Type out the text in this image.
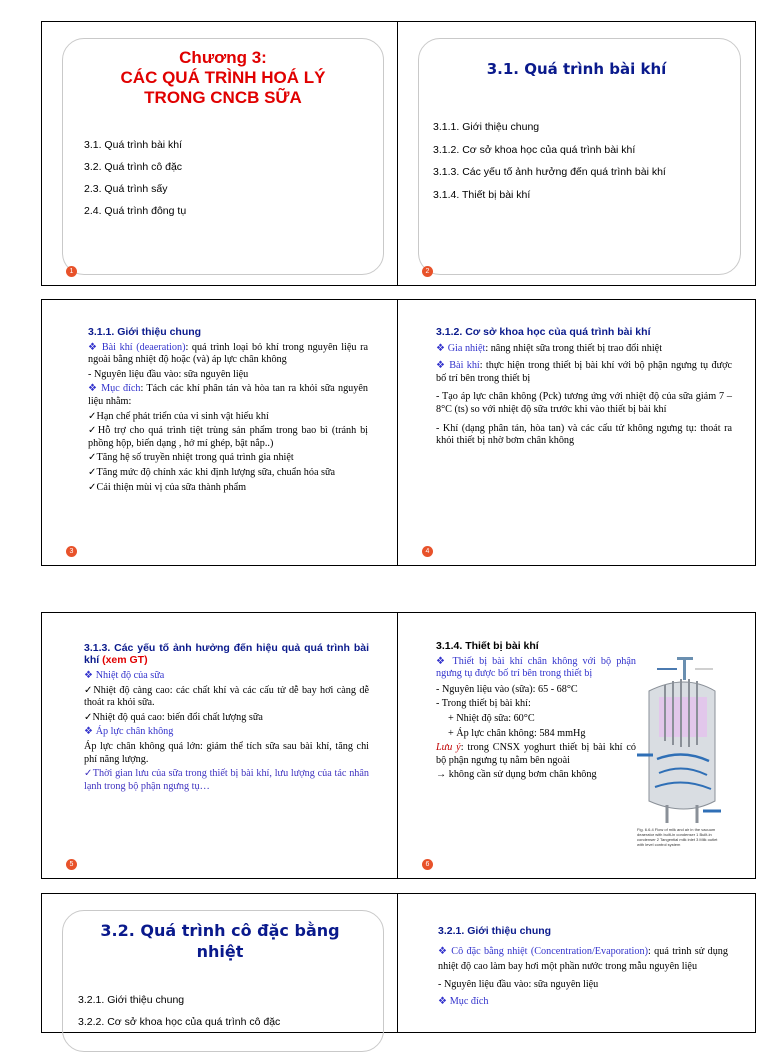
Chương 3:
CÁC QUÁ TRÌNH HOÁ LÝ
TRONG CNCB SỮA
3.1. Quá trình bài khí
3.2. Quá trình cô đặc
2.3. Quá trình sấy
2.4. Quá trình đông tụ
1
3.1. Quá trình bài khí
3.1.1. Giới thiệu chung
3.1.2. Cơ sở khoa học của quá trình bài khí
3.1.3. Các yếu tố ảnh hưởng đến quá trình bài khí
3.1.4. Thiết bị bài khí
2
3.1.1. Giới thiệu chung
❖ Bài khí (deaeration): quá trình loại bỏ khí trong nguyên liệu ra ngoài bằng nhiệt độ hoặc (và) áp lực chân không
- Nguyên liệu đầu vào: sữa nguyên liệu
❖ Mục đích: Tách các khí phân tán và hòa tan ra khỏi sữa nguyên liệu nhằm:
✓Hạn chế phát triển của vi sinh vật hiếu khí
✓Hỗ trợ cho quá trình tiệt trùng sản phẩm trong bao bì (tránh bị phồng hộp, biến dạng , hở mí ghép, bật nắp..)
✓Tăng hệ số truyền nhiệt trong quá trình gia nhiệt
✓Tăng mức độ chính xác khi định lượng sữa, chuẩn hóa sữa
✓Cải thiện mùi vị của sữa thành phẩm
3
3.1.2. Cơ sở khoa học của quá trình bài khí
❖ Gia nhiệt: nâng nhiệt sữa trong thiết bị trao đổi nhiệt
❖ Bài khí: thực hiện trong thiết bị bài khí với bộ phận ngưng tụ được bố trí bên trong thiết bị
- Tạo áp lực chân không (Pck) tương ứng với nhiệt độ của sữa giảm 7 – 8°C (ts) so với nhiệt độ sữa trước khi vào thiết bị bài khí
- Khí (dạng phân tán, hòa tan) và các cấu tử không ngưng tụ: thoát ra khỏi thiết bị nhờ bơm chân không
4
3.1.3. Các yếu tố ảnh hưởng đến hiệu quả quá trình bài khí (xem GT)
❖ Nhiệt độ của sữa
✓Nhiệt độ càng cao: các chất khí và các cấu tử dễ bay hơi càng dễ thoát ra khỏi sữa.
✓Nhiệt độ quá cao: biến đổi chất lượng sữa
❖ Áp lực chân không
Áp lực chân không quá lớn: giảm thể tích sữa sau bài khí, tăng chi phí năng lượng.
✓Thời gian lưu của sữa trong thiết bị bài khí, lưu lượng của tác nhân lạnh trong bộ phận ngưng tụ…
5
3.1.4. Thiết bị bài khí
❖ Thiết bị bài khí chân không với bộ phận ngưng tụ được bố trí bên trong thiết bị
- Nguyên liệu vào (sữa): 65 - 68°C
- Trong thiết bị bài khí:
+ Nhiệt độ sữa: 60°C
+ Áp lực chân không: 584 mmHg
Lưu ý: trong CNSX yoghurt thiết bị bài khí có bộ phận ngưng tụ nằm bên ngoài
→ không cần sử dụng bơm chân không
Fig. 6.6.4 Flow of milk and air in the vacuum deaerator with built-in condenser 1 Built-in condenser 2 Tangential milk inlet 3 Milk outlet with level control system
6
3.2. Quá trình cô đặc bằng
nhiệt
3.2.1. Giới thiệu chung
3.2.2. Cơ sở khoa học của quá trình cô đặc
3.2.1. Giới thiệu chung
❖ Cô đặc bằng nhiệt (Concentration/Evaporation): quá trình sử dụng nhiệt độ cao làm bay hơi một phần nước trong mẫu nguyên liệu
- Nguyên liệu đầu vào: sữa nguyên liệu
❖ Mục đích
